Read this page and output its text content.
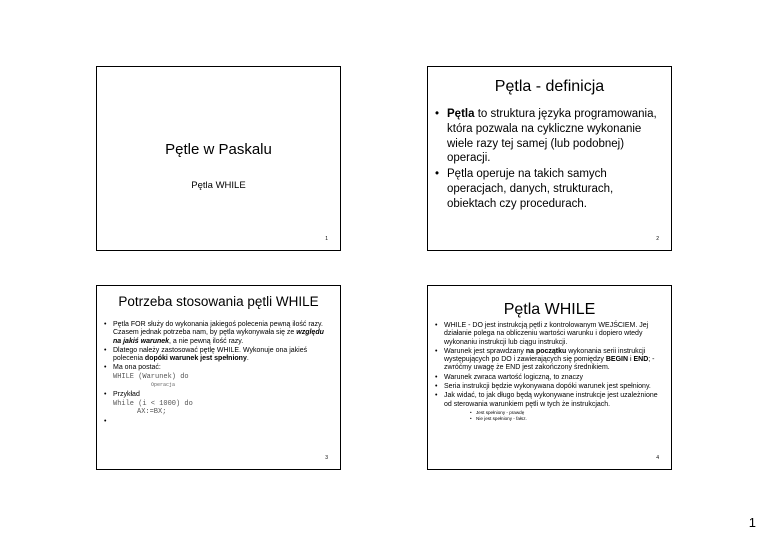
Pętle w Paskalu
Pętla WHILE
1
Pętla - definicja
• Pętla to struktura języka programowania, która pozwala na cykliczne wykonanie wiele razy tej samej (lub podobnej) operacji.
• Pętla operuje na takich samych operacjach, danych, strukturach, obiektach czy procedurach.
2
Potrzeba stosowania pętli WHILE
• Pętla FOR służy do wykonania jakiegoś polecenia pewną ilość razy. Czasem jednak potrzeba nam, by pętla wykonywała się ze względu na jakiś warunek, a nie pewną ilość razy.
• Dlatego należy zastosować pętlę WHILE. Wykonuje ona jakieś polecenia dopóki warunek jest spełniony.
• Ma ona postać:
WHILE (Warunek) do
Operacja
• Przykład
While (i < 1000) do
AX:=BX;
•
3
Pętla WHILE
• WHILE - DO jest instrukcją pętli z kontrolowanym WEJŚCIEM. Jej działanie polega na obliczeniu wartości warunku i dopiero wtedy wykonaniu instrukcji lub ciągu instrukcji.
• Warunek jest sprawdzany na początku wykonania serii instrukcji występujących po DO i zawierających się pomiędzy BEGIN i END; - zwróćmy uwagę że END jest zakończony średnikiem.
• Warunek zwraca wartość logiczną, to znaczy
• Jest spełniony - prawdę
• Nie jest spełniony - fałsz.
• Seria instrukcji będzie wykonywana dopóki warunek jest spełniony.
• Jak widać, to jak długo będą wykonywane instrukcje jest uzależnione od sterowania warunkiem pętli w tych że instrukcjach.
4
1
